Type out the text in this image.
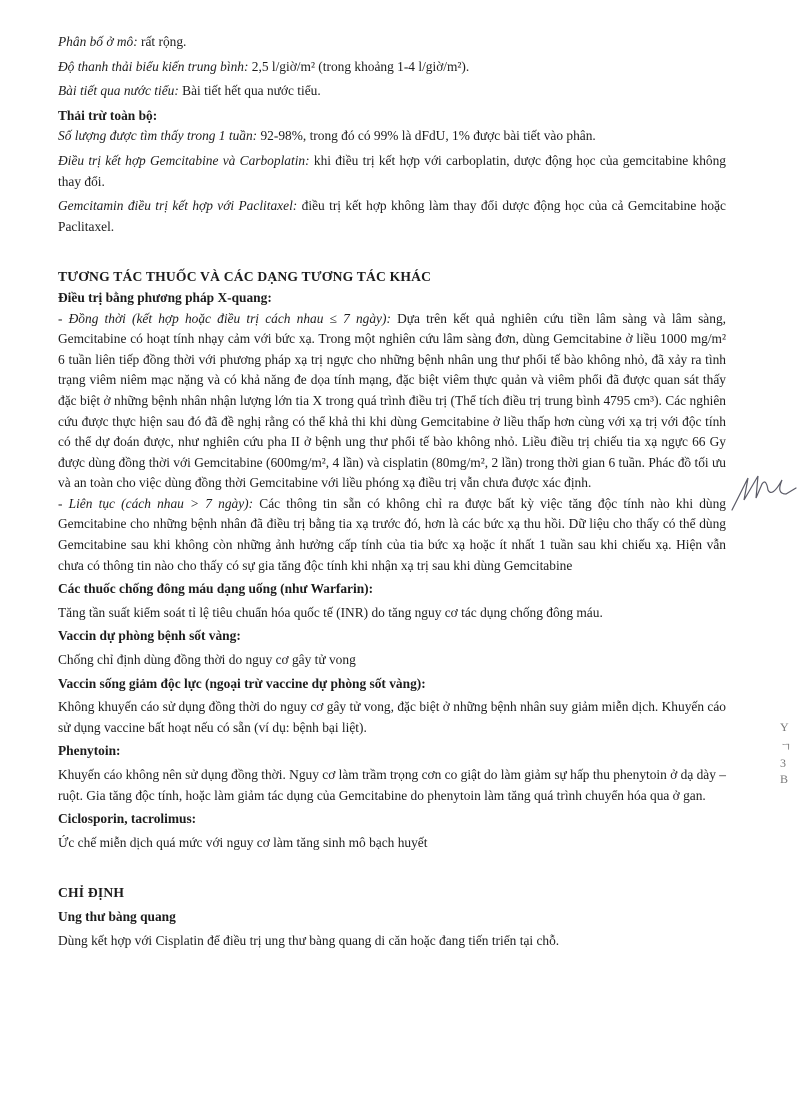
Phân bố ở mô: rất rộng.

Độ thanh thải biểu kiến trung bình: 2,5 l/giờ/m² (trong khoảng 1-4 l/giờ/m²).

Bài tiết qua nước tiểu: Bài tiết hết qua nước tiểu.

Thải trừ toàn bộ:

Số lượng được tìm thấy trong 1 tuần: 92-98%, trong đó có 99% là dFdU, 1% được bài tiết vào phân.

Điều trị kết hợp Gemcitabine và Carboplatin: khi điều trị kết hợp với carboplatin, dược động học của gemcitabine không thay đổi.

Gemcitamin điều trị kết hợp với Paclitaxel: điều trị kết hợp không làm thay đổi dược động học của cả Gemcitabine hoặc Paclitaxel.

TƯƠNG TÁC THUỐC VÀ CÁC DẠNG TƯƠNG TÁC KHÁC

Điều trị bằng phương pháp X-quang:

- Đồng thời (kết hợp hoặc điều trị cách nhau ≤ 7 ngày): Dựa trên kết quả nghiên cứu tiền lâm sàng và lâm sàng, Gemcitabine có hoạt tính nhạy cảm với bức xạ. Trong một nghiên cứu lâm sàng đơn, dùng Gemcitabine ở liều 1000 mg/m² 6 tuần liên tiếp đồng thời với phương pháp xạ trị ngực cho những bệnh nhân ung thư phổi tế bào không nhỏ, đã xảy ra tình trạng viêm niêm mạc nặng và có khả năng đe dọa tính mạng, đặc biệt viêm thực quản và viêm phổi đã được quan sát thấy đặc biệt ở những bệnh nhân nhận lượng lớn tia X trong quá trình điều trị (Thể tích điều trị trung bình 4795 cm³). Các nghiên cứu được thực hiện sau đó đã đề nghị rằng có thể khả thi khi dùng Gemcitabine ở liều thấp hơn cùng với xạ trị với độc tính có thể dự đoán được, như nghiên cứu pha II ở bệnh ung thư phổi tế bào không nhỏ. Liều điều trị chiếu tia xạ ngực 66 Gy được dùng đồng thời với Gemcitabine (600mg/m², 4 lần) và cisplatin (80mg/m², 2 lần) trong thời gian 6 tuần. Phác đồ tối ưu và an toàn cho việc dùng đồng thời Gemcitabine với liều phóng xạ điều trị vẫn chưa được xác định.

- Liên tục (cách nhau > 7 ngày): Các thông tin sẵn có không chỉ ra được bất kỳ việc tăng độc tính nào khi dùng Gemcitabine cho những bệnh nhân đã điều trị bằng tia xạ trước đó, hơn là các bức xạ thu hồi. Dữ liệu cho thấy có thể dùng Gemcitabine sau khi không còn những ảnh hưởng cấp tính của tia bức xạ hoặc ít nhất 1 tuần sau khi chiếu xạ. Hiện vẫn chưa có thông tin nào cho thấy có sự gia tăng độc tính khi nhận xạ trị sau khi dùng Gemcitabine

Các thuốc chống đông máu dạng uống (như Warfarin):

Tăng tần suất kiểm soát tỉ lệ tiêu chuẩn hóa quốc tế (INR) do tăng nguy cơ tác dụng chống đông máu.

Vaccin dự phòng bệnh sốt vàng:

Chống chỉ định dùng đồng thời do nguy cơ gây tử vong

Vaccin sống giảm độc lực (ngoại trừ vaccine dự phòng sốt vàng):

Không khuyến cáo sử dụng đồng thời do nguy cơ gây tử vong, đặc biệt ở những bệnh nhân suy giảm miễn dịch. Khuyến cáo sử dụng vaccine bất hoạt nếu có sẵn (ví dụ: bệnh bại liệt).

Phenytoin:

Khuyến cáo không nên sử dụng đồng thời. Nguy cơ làm trầm trọng cơn co giật do làm giảm sự hấp thu phenytoin ở dạ dày – ruột. Gia tăng độc tính, hoặc làm giảm tác dụng của Gemcitabine do phenytoin làm tăng quá trình chuyển hóa qua ở gan.

Ciclosporin, tacrolimus:

Ức chế miễn dịch quá mức với nguy cơ làm tăng sinh mô bạch huyết

CHỈ ĐỊNH

Ung thư bàng quang

Dùng kết hợp với Cisplatin để điều trị ung thư bàng quang di căn hoặc đang tiến triển tại chỗ.

Y
ㄱ
3
B
